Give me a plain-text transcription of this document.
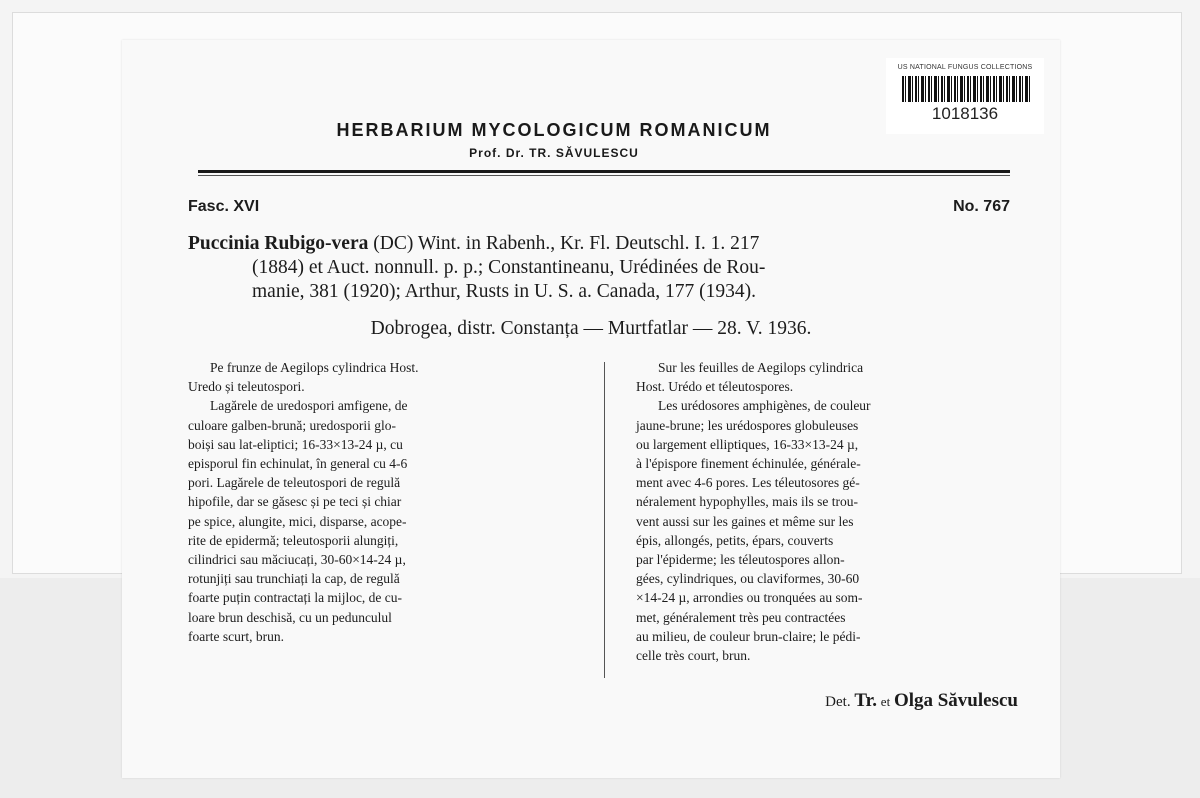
US NATIONAL FUNGUS COLLECTIONS
1018136
HERBARIUM MYCOLOGICUM ROMANICUM
Prof. Dr. TR. SĂVULESCU
Fasc. XVI	No. 767
Puccinia Rubigo-vera (DC) Wint. in Rabenh., Kr. Fl. Deutschl. I. 1. 217
(1884) et Auct. nonnull. p. p.; Constantineanu, Urédinées de Rou-
manie, 381 (1920); Arthur, Rusts in U. S. a. Canada, 177 (1934).
Dobrogea, distr. Constanța — Murtfatlar — 28. V. 1936.
Pe frunze de Aegilops cylindrica Host.
Uredo și teleutospori.
Lagărele de uredospori amfigene, de
culoare galben-brună; uredosporii glo-
boiși sau lat-eliptici; 16-33×13-24 µ, cu
episporul fin echinulat, în general cu 4-6
pori. Lagărele de teleutospori de regulă
hipofile, dar se găsesc și pe teci și chiar
pe spice, alungite, mici, disparse, acope-
rite de epidermă; teleutosporii alungiți,
cilindrici sau măciucați, 30-60×14-24 µ,
rotunjiți sau trunchiați la cap, de regulă
foarte puțin contractați la mijloc, de cu-
loare brun deschisă, cu un pedunculul
foarte scurt, brun.
Sur les feuilles de Aegilops cylindrica
Host. Urédo et téleutospores.
Les urédosores amphigènes, de couleur
jaune-brune; les urédospores globuleuses
ou largement elliptiques, 16-33×13-24 µ,
à l'épispore finement échinulée, générale-
ment avec 4-6 pores. Les téleutosores gé-
néralement hypophylles, mais ils se trou-
vent aussi sur les gaines et même sur les
épis, allongés, petits, épars, couverts
par l'épiderme; les téleutospores allon-
gées, cylindriques, ou claviformes, 30-60
×14-24 µ, arrondies ou tronquées au som-
met, généralement très peu contractées
au milieu, de couleur brun-claire; le pédi-
celle très court, brun.
Det. Tr. et Olga Săvulescu
